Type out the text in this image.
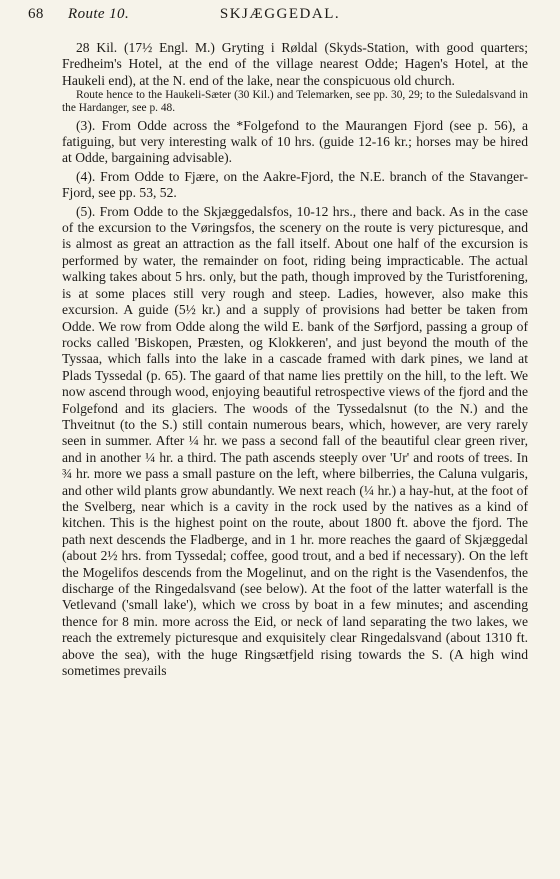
68 Route 10.	SKJÆGGEDAL.

28 Kil. (17½ Engl. M.) Gryting i Røldal (Skyds-Station, with good quarters; Fredheim's Hotel, at the end of the village nearest Odde; Hagen's Hotel, at the Haukeli end), at the N. end of the lake, near the conspicuous old church.

Route hence to the Haukeli-Sæter (30 Kil.) and Telemarken, see pp. 30, 29; to the Suledalsvand in the Hardanger, see p. 48.

(3). From Odde across the *Folgefond to the Maurangen Fjord (see p. 56), a fatiguing, but very interesting walk of 10 hrs. (guide 12-16 kr.; horses may be hired at Odde, bargaining advisable).

(4). From Odde to Fjære, on the Aakre-Fjord, the N.E. branch of the Stavanger-Fjord, see pp. 53, 52.

(5). From Odde to the Skjæggedalsfos, 10-12 hrs., there and back. As in the case of the excursion to the Vøringsfos, the scenery on the route is very picturesque, and is almost as great an attraction as the fall itself. About one half of the excursion is performed by water, the remainder on foot, riding being impracticable. The actual walking takes about 5 hrs. only, but the path, though improved by the Turistforening, is at some places still very rough and steep. Ladies, however, also make this excursion. A guide (5½ kr.) and a supply of provisions had better be taken from Odde. We row from Odde along the wild E. bank of the Sørfjord, passing a group of rocks called 'Biskopen, Præsten, og Klokkeren', and just beyond the mouth of the Tyssaa, which falls into the lake in a cascade framed with dark pines, we land at Plads Tyssedal (p. 65). The gaard of that name lies prettily on the hill, to the left. We now ascend through wood, enjoying beautiful retrospective views of the fjord and the Folgefond and its glaciers. The woods of the Tyssedalsnut (to the N.) and the Thveitnut (to the S.) still contain numerous bears, which, however, are very rarely seen in summer. After ¼ hr. we pass a second fall of the beautiful clear green river, and in another ¼ hr. a third. The path ascends steeply over 'Ur' and roots of trees. In ¾ hr. more we pass a small pasture on the left, where bilberries, the Caluna vulgaris, and other wild plants grow abundantly. We next reach (¼ hr.) a hay-hut, at the foot of the Svelberg, near which is a cavity in the rock used by the natives as a kind of kitchen. This is the highest point on the route, about 1800 ft. above the fjord. The path next descends the Fladberge, and in 1 hr. more reaches the gaard of Skjæggedal (about 2½ hrs. from Tyssedal; coffee, good trout, and a bed if necessary). On the left the Mogelifos descends from the Mogelinut, and on the right is the Vasendenfos, the discharge of the Ringedalsvand (see below). At the foot of the latter waterfall is the Vetlevand ('small lake'), which we cross by boat in a few minutes; and ascending thence for 8 min. more across the Eid, or neck of land separating the two lakes, we reach the extremely picturesque and exquisitely clear Ringedalsvand (about 1310 ft. above the sea), with the huge Ringsætfjeld rising towards the S. (A high wind sometimes prevails
